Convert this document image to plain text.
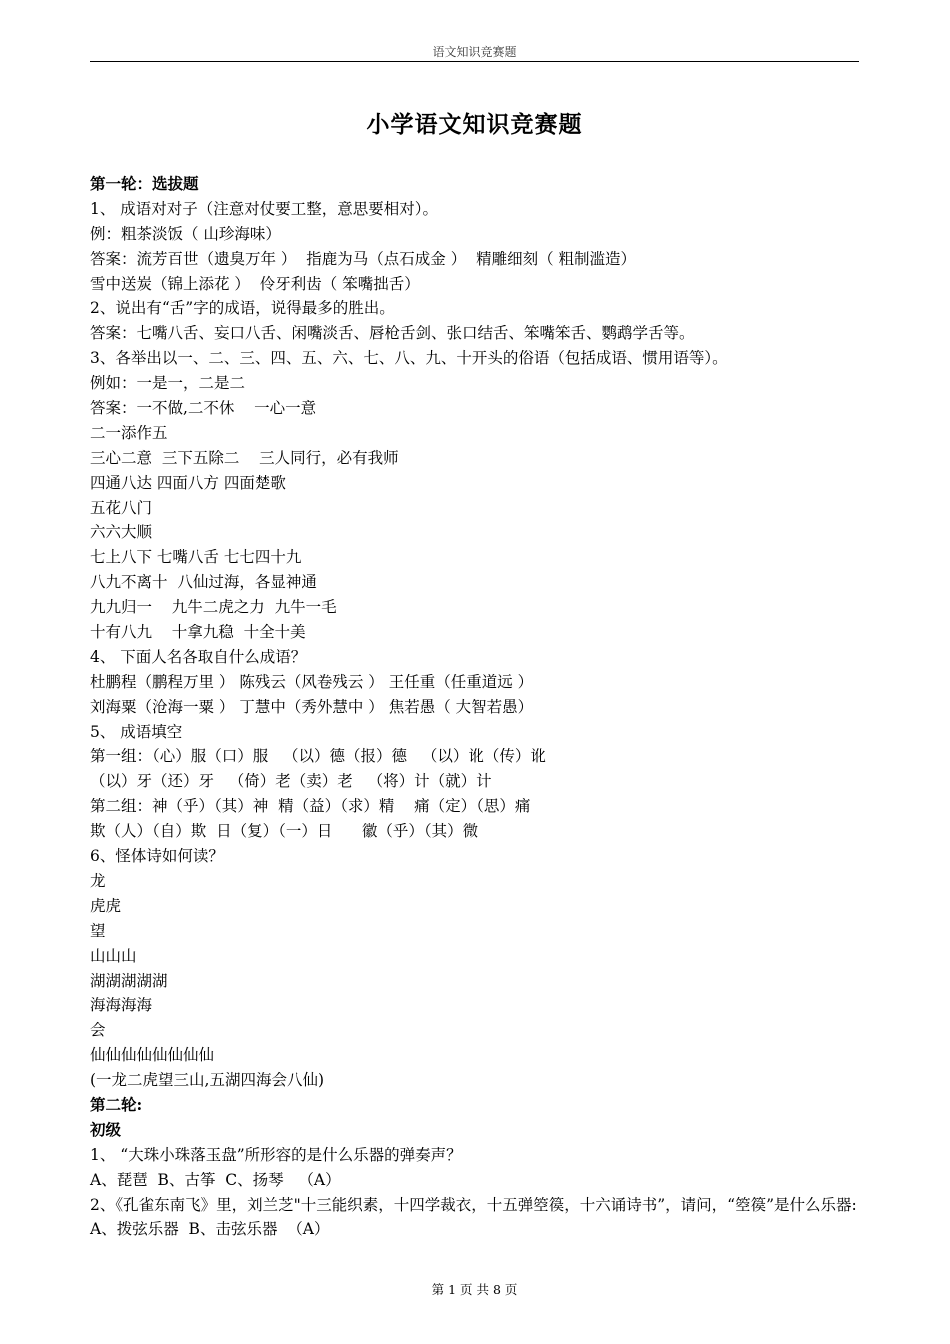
语文知识竞赛题
小学语文知识竞赛题
第一轮：选拔题
1、 成语对对子（注意对仗要工整，意思要相对）。
例：粗茶淡饭（ 山珍海味）
答案：流芳百世（遗臭万年 ）  指鹿为马（点石成金 ）  精雕细刻（ 粗制滥造）
雪中送炭（锦上添花 ）  伶牙利齿（ 笨嘴拙舌）
2、说出有“舌”字的成语，说得最多的胜出。
答案：七嘴八舌、妄口八舌、闲嘴淡舌、唇枪舌剑、张口结舌、笨嘴笨舌、鹦鹉学舌等。
3、各举出以一、二、三、四、五、六、七、八、九、十开头的俗语（包括成语、惯用语等）。
例如：一是一，二是二
答案：一不做,二不休    一心一意
二一添作五
三心二意  三下五除二    三人同行，必有我师
四通八达 四面八方 四面楚歌
五花八门
六六大顺
七上八下 七嘴八舌 七七四十九
八九不离十  八仙过海，各显神通
九九归一    九牛二虎之力  九牛一毛
十有八九    十拿九稳  十全十美
4、 下面人名各取自什么成语？
杜鹏程（鹏程万里 ） 陈残云（风卷残云 ） 王任重（任重道远 ）
刘海粟（沧海一粟 ） 丁慧中（秀外慧中 ） 焦若愚（ 大智若愚）
5、 成语填空
第一组：（心）服（口）服   （以）德（报）德   （以）讹（传）讹
（以）牙（还）牙   （倚）老（卖）老   （将）计（就）计
第二组：神（乎）（其）神  精（益）（求）精    痛（定）（思）痛
欺（人）（自）欺  日（复）（一）日      徽（乎）（其）微
6、怪体诗如何读？
龙
虎虎
望
山山山
湖湖湖湖湖
海海海海
会
仙仙仙仙仙仙仙仙
(一龙二虎望三山,五湖四海会八仙)
第二轮:
初级
1、 “大珠小珠落玉盘”所形容的是什么乐器的弹奏声？
A、琵琶  B、古筝  C、扬琴   （A）
2、《孔雀东南飞》里，刘兰芝"十三能织素，十四学裁衣，十五弹箜篌，十六诵诗书”，请问，“箜篌”是什么乐器:
A、拨弦乐器  B、击弦乐器  （A）
第 1 页 共 8 页
